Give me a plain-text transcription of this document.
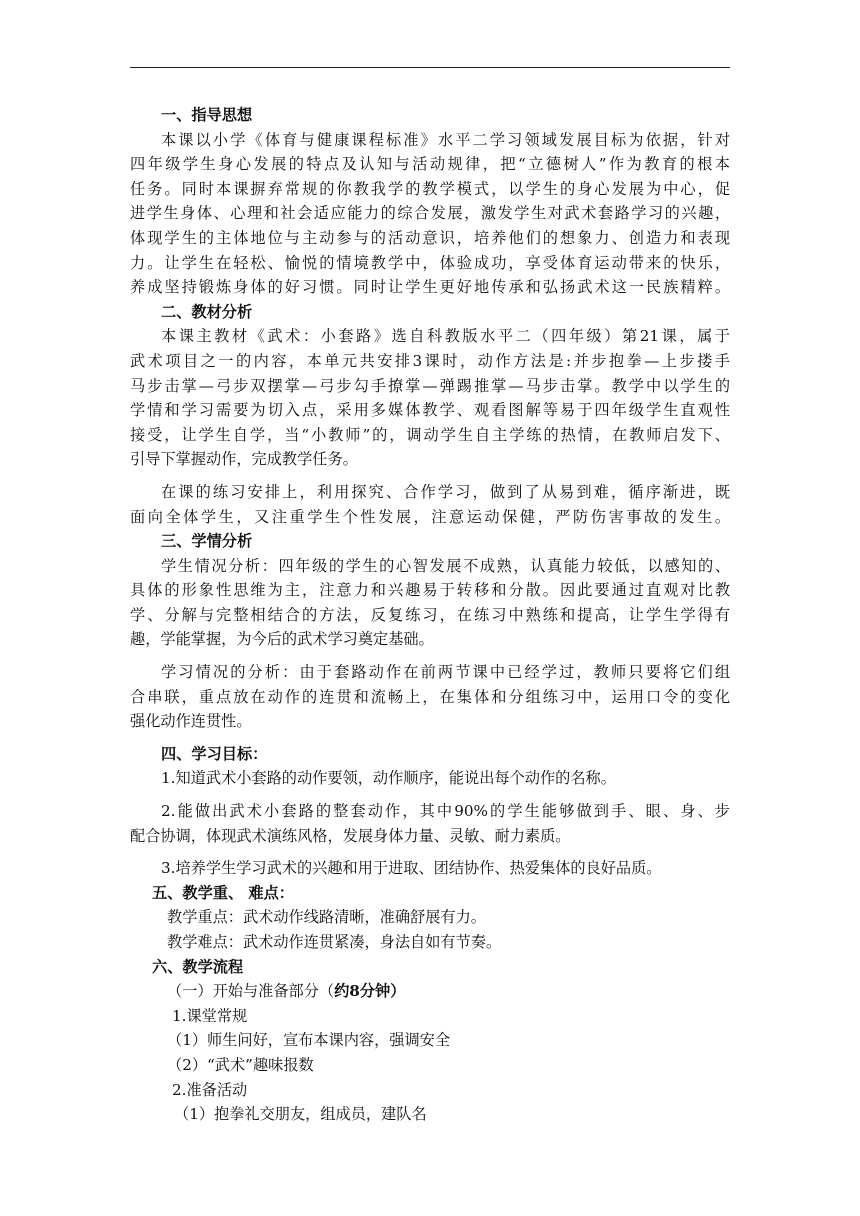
一、指导思想
本课以小学《体育与健康课程标准》水平二学习领域发展目标为依据，针对
四年级学生身心发展的特点及认知与活动规律，把“立德树人”作为教育的根本
任务。同时本课摒弃常规的你教我学的教学模式，以学生的身心发展为中心，促
进学生身体、心理和社会适应能力的综合发展，激发学生对武术套路学习的兴趣，
体现学生的主体地位与主动参与的活动意识，培养他们的想象力、创造力和表现
力。让学生在轻松、愉悦的情境教学中，体验成功，享受体育运动带来的快乐，
养成坚持锻炼身体的好习惯。同时让学生更好地传承和弘扬武术这一民族精粹。
二、教材分析
本课主教材《武术：小套路》选自科教版水平二（四年级）第21课，属于
武术项目之一的内容，本单元共安排3课时，动作方法是:并步抱拳—上步搂手
马步击掌—弓步双摆掌—弓步勾手撩掌—弹踢推掌—马步击掌。教学中以学生的
学情和学习需要为切入点，采用多媒体教学、观看图解等易于四年级学生直观性
接受，让学生自学，当“小教师”的，调动学生自主学练的热情，在教师启发下、
引导下掌握动作，完成教学任务。
在课的练习安排上，利用探究、合作学习，做到了从易到难，循序渐进，既
面向全体学生，又注重学生个性发展，注意运动保健，严防伤害事故的发生。
三、学情分析
学生情况分析：四年级的学生的心智发展不成熟，认真能力较低，以感知的、
具体的形象性思维为主，注意力和兴趣易于转移和分散。因此要通过直观对比教
学、分解与完整相结合的方法，反复练习，在练习中熟练和提高，让学生学得有
趣，学能掌握，为今后的武术学习奠定基础。
学习情况的分析：由于套路动作在前两节课中已经学过，教师只要将它们组
合串联，重点放在动作的连贯和流畅上，在集体和分组练习中，运用口令的变化
强化动作连贯性。
四、学习目标：
1.知道武术小套路的动作要领，动作顺序，能说出每个动作的名称。
2.能做出武术小套路的整套动作，其中90%的学生能够做到手、眼、身、步
配合协调，体现武术演练风格，发展身体力量、灵敏、耐力素质。
3.培养学生学习武术的兴趣和用于进取、团结协作、热爱集体的良好品质。
五、教学重、 难点：
教学重点：武术动作线路清晰，准确舒展有力。
教学难点：武术动作连贯紧凑，身法自如有节奏。
六、教学流程
（一）开始与准备部分（约8分钟）
1.课堂常规
（1）师生问好，宣布本课内容，强调安全
（2）“武术”趣味报数
2.准备活动
（1）抱拳礼交朋友，组成员，建队名
